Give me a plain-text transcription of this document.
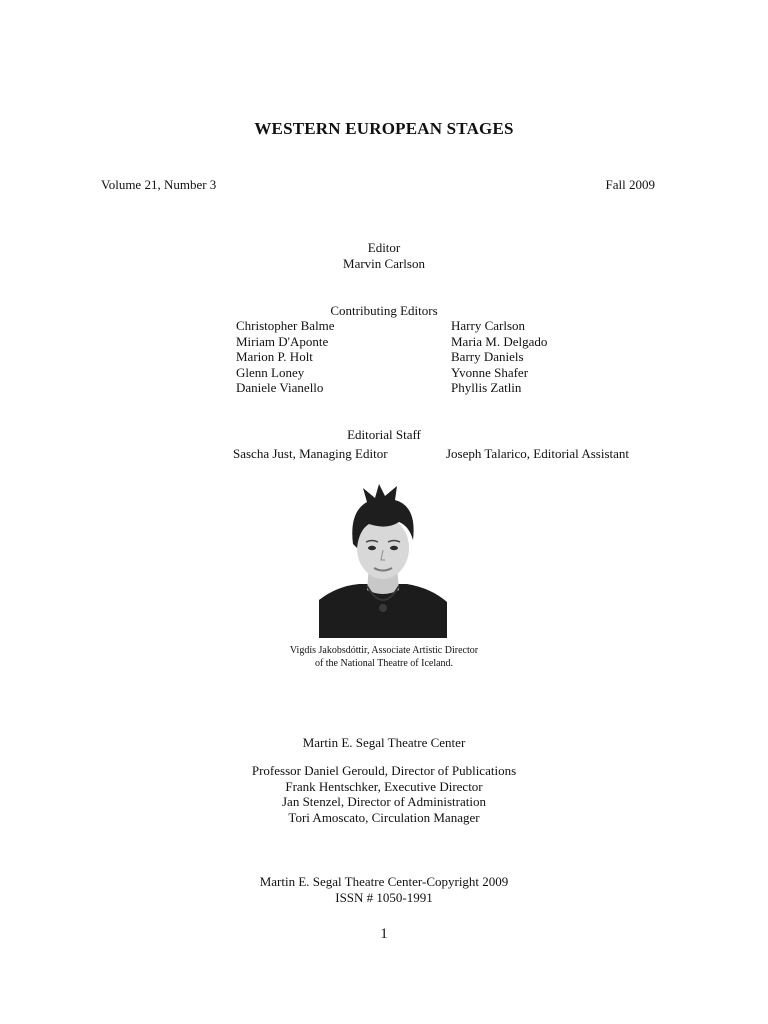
WESTERN EUROPEAN STAGES
Volume 21, Number 3	Fall 2009
Editor
Marvin Carlson
Contributing Editors
Christopher Balme
Miriam D'Aponte
Marion P. Holt
Glenn Loney
Daniele Vianello
Harry Carlson
Maria M. Delgado
Barry Daniels
Yvonne Shafer
Phyllis Zatlin
Editorial Staff
Sascha Just, Managing Editor	Joseph Talarico, Editorial Assistant
Vigdís Jakobsdóttir, Associate Artistic Director
of the National Theatre of Iceland.
Martin E. Segal Theatre Center
Professor Daniel Gerould, Director of Publications
Frank Hentschker, Executive Director
Jan Stenzel, Director of Administration
Tori Amoscato, Circulation Manager
Martin E. Segal Theatre Center-Copyright 2009
ISSN # 1050-1991
1
